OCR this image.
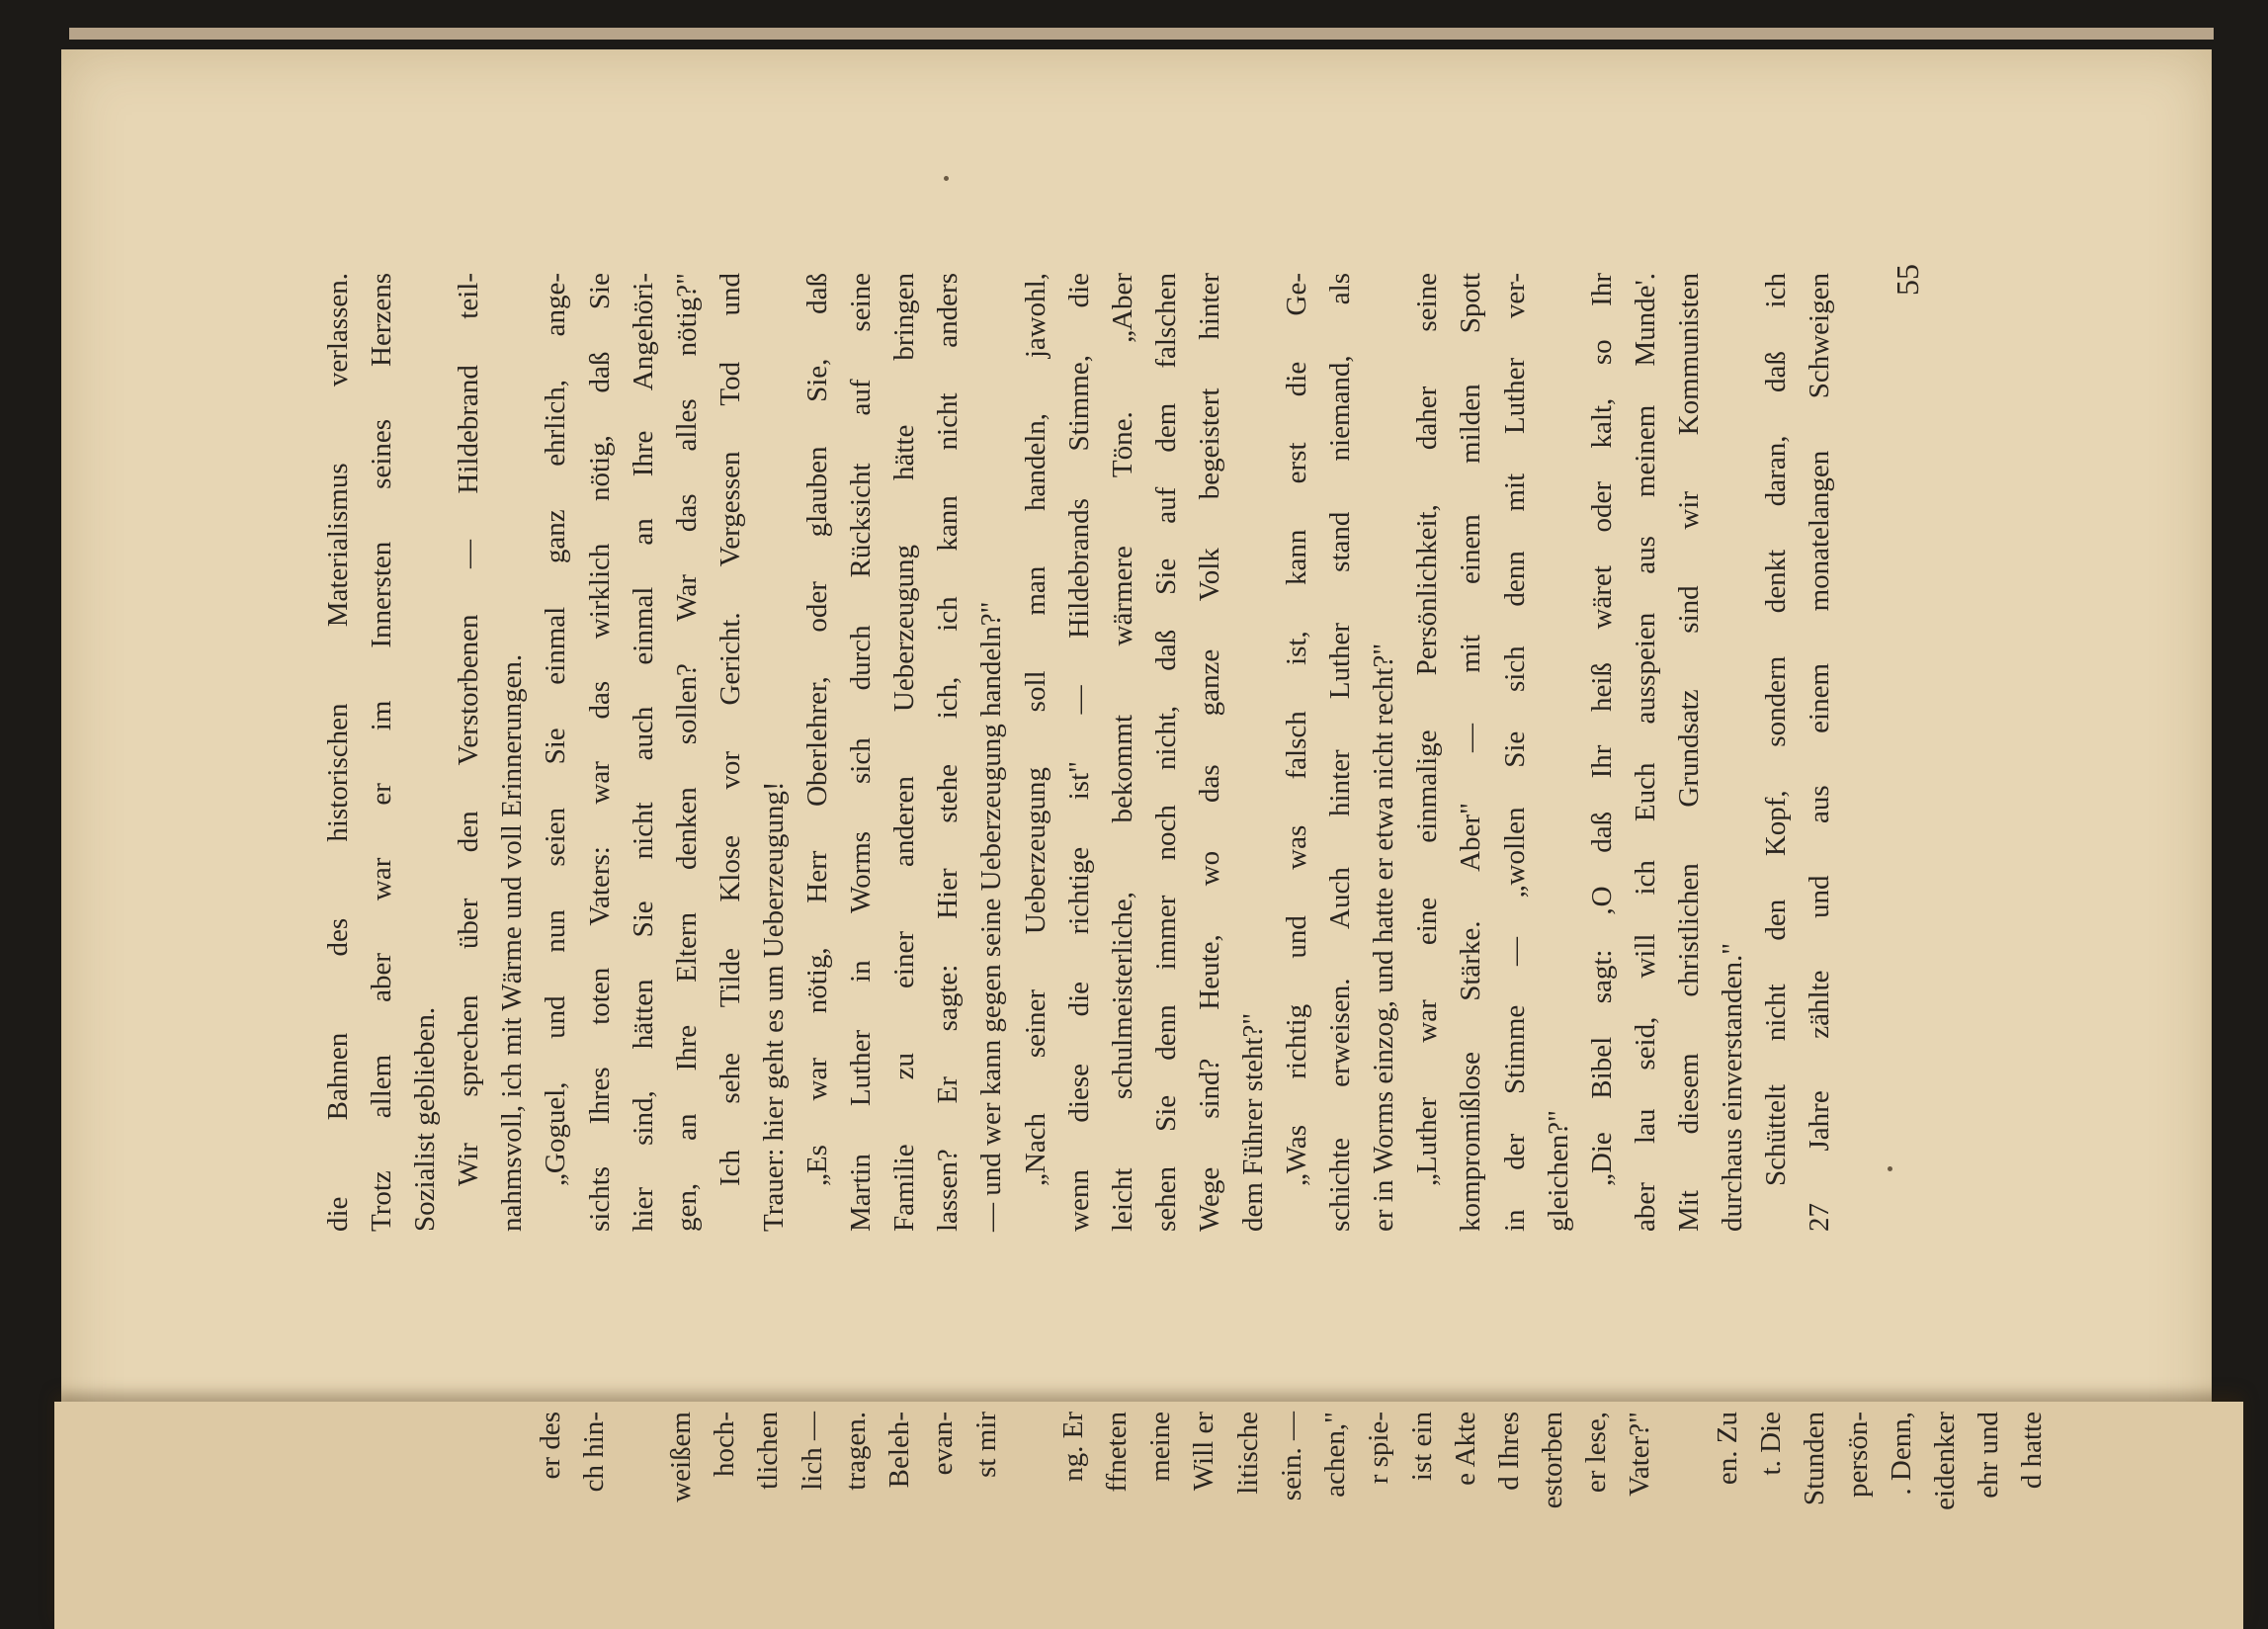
die Bahnen des historischen Materialismus verlassen. Trotz allem aber war er im Innersten seines Herzens Sozialist geblieben. Wir sprechen über den Verstorbenen — Hildebrand teil- nahmsvoll, ich mit Wärme und voll Erinnerungen. „Goguel, und nun seien Sie einmal ganz ehrlich, ange- sichts Ihres toten Vaters: war das wirklich nötig, daß Sie hier sind, hätten Sie nicht auch einmal an Ihre Angehöri- gen, an Ihre Eltern denken sollen? War das alles nötig?" Ich sehe Tilde Klose vor Gericht. Vergessen Tod und Trauer: hier geht es um Ueberzeugung! „Es war nötig, Herr Oberlehrer, oder glauben Sie, daß Martin Luther in Worms sich durch Rücksicht auf seine Familie zu einer anderen Ueberzeugung hätte bringen lassen? Er sagte: Hier stehe ich, ich kann nicht anders — und wer kann gegen seine Ueberzeugung handeln?" „Nach seiner Ueberzeugung soll man handeln, jawohl, wenn diese die richtige ist" — Hildebrands Stimme, die leicht schulmeisterliche, bekommt wärmere Töne. „Aber sehen Sie denn immer noch nicht, daß Sie auf dem falschen Wege sind? Heute, wo das ganze Volk begeistert hinter dem Führer steht?" „Was richtig und was falsch ist, kann erst die Ge- schichte erweisen. Auch hinter Luther stand niemand, als er in Worms einzog, und hatte er etwa nicht recht?" „Luther war eine einmalige Persönlichkeit, daher seine kompromißlose Stärke. Aber" — mit einem milden Spott in der Stimme — „wollen Sie sich denn mit Luther ver- gleichen?" „Die Bibel sagt: ‚O daß Ihr heiß wäret oder kalt, so Ihr aber lau seid, will ich Euch ausspeien aus meinem Munde'. Mit diesem christlichen Grundsatz sind wir Kommunisten durchaus einverstanden." Schüttelt nicht den Kopf, sondern denkt daran, daß ich 27 Jahre zählte und aus einem monatelangen Schweigen 55

er des ch hin- weißem hoch- tlichen lich — tragen. Beleh- evan- st mir ng. Er ffneten meine Will er litische sein. — achen," r spie- ist ein e Akte d Ihres estorben er lese, Vater?" en. Zu t. Die Stunden persön- . Denn, eidenker ehr und d hatte
